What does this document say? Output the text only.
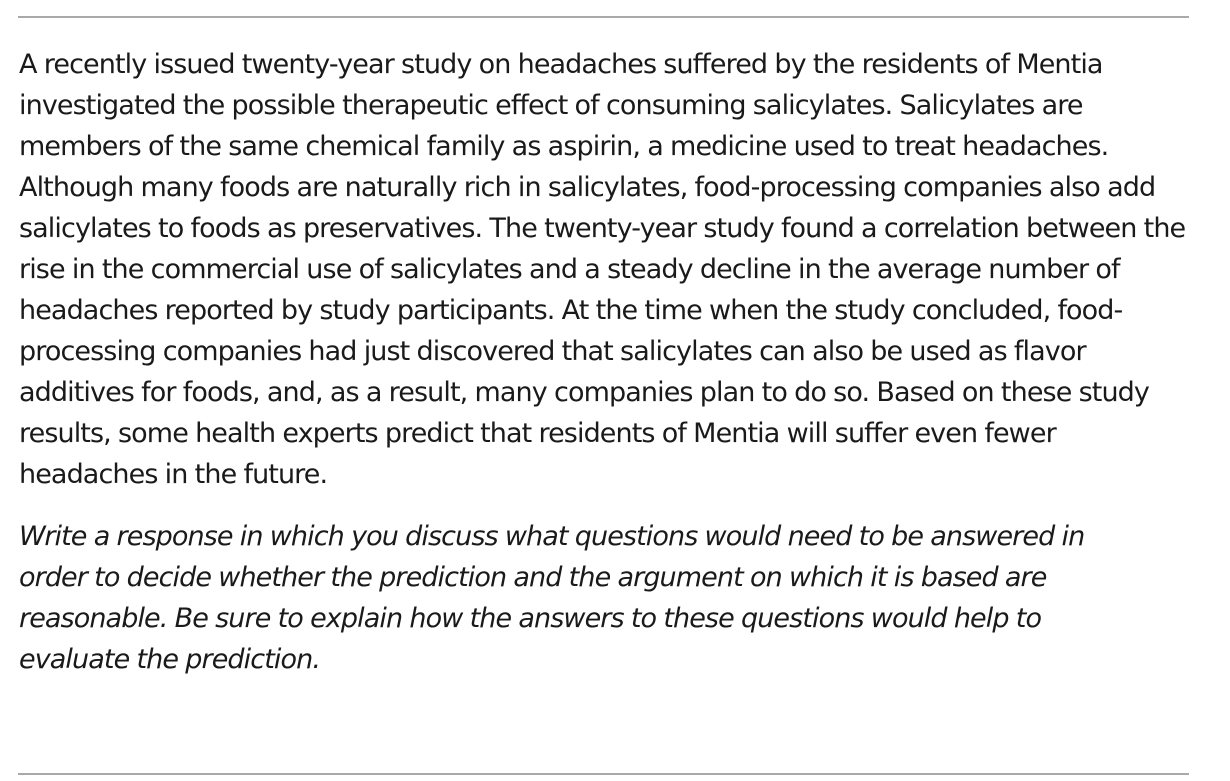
A recently issued twenty-year study on headaches suffered by the residents of Mentia investigated the possible therapeutic effect of consuming salicylates. Salicylates are members of the same chemical family as aspirin, a medicine used to treat headaches. Although many foods are naturally rich in salicylates, food-processing companies also add salicylates to foods as preservatives. The twenty-year study found a correlation between the rise in the commercial use of salicylates and a steady decline in the average number of headaches reported by study participants. At the time when the study concluded, food-processing companies had just discovered that salicylates can also be used as flavor additives for foods, and, as a result, many companies plan to do so. Based on these study results, some health experts predict that residents of Mentia will suffer even fewer headaches in the future.

Write a response in which you discuss what questions would need to be answered in order to decide whether the prediction and the argument on which it is based are reasonable. Be sure to explain how the answers to these questions would help to evaluate the prediction.
